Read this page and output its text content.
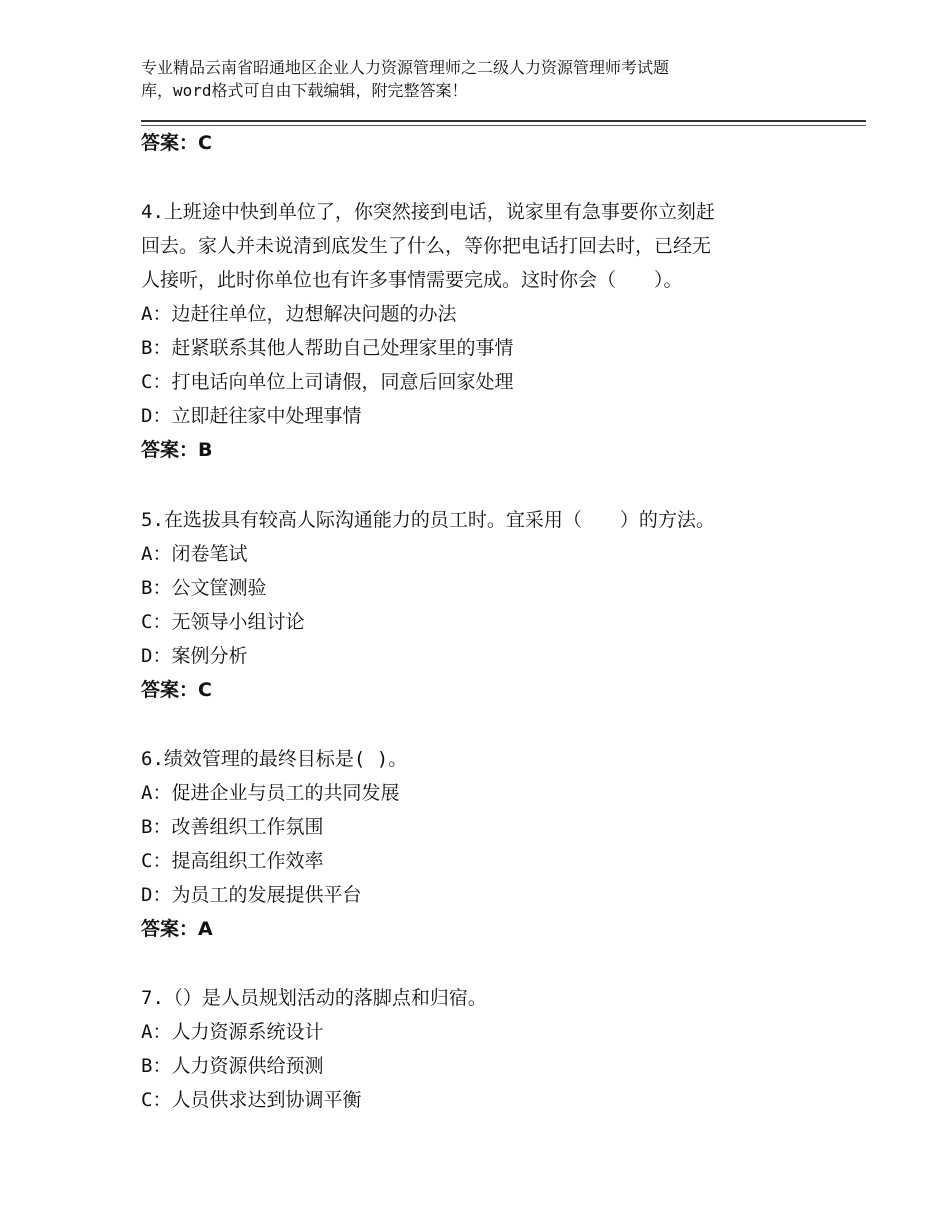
专业精品云南省昭通地区企业人力资源管理师之二级人力资源管理师考试题
库，word格式可自由下载编辑，附完整答案！
答案：C
4.上班途中快到单位了，你突然接到电话，说家里有急事要你立刻赶
回去。家人并未说清到底发生了什么，等你把电话打回去时，已经无
人接听，此时你单位也有许多事情需要完成。这时你会（　　）。
A：边赶往单位，边想解决问题的办法
B：赶紧联系其他人帮助自己处理家里的事情
C：打电话向单位上司请假，同意后回家处理
D：立即赶往家中处理事情
答案：B
5.在选拔具有较高人际沟通能力的员工时。宜采用（　　）的方法。
A：闭卷笔试
B：公文筐测验
C：无领导小组讨论
D：案例分析
答案：C
6.绩效管理的最终目标是( )。
A：促进企业与员工的共同发展
B：改善组织工作氛围
C：提高组织工作效率
D：为员工的发展提供平台
答案：A
7.（）是人员规划活动的落脚点和归宿。
A：人力资源系统设计
B：人力资源供给预测
C：人员供求达到协调平衡
